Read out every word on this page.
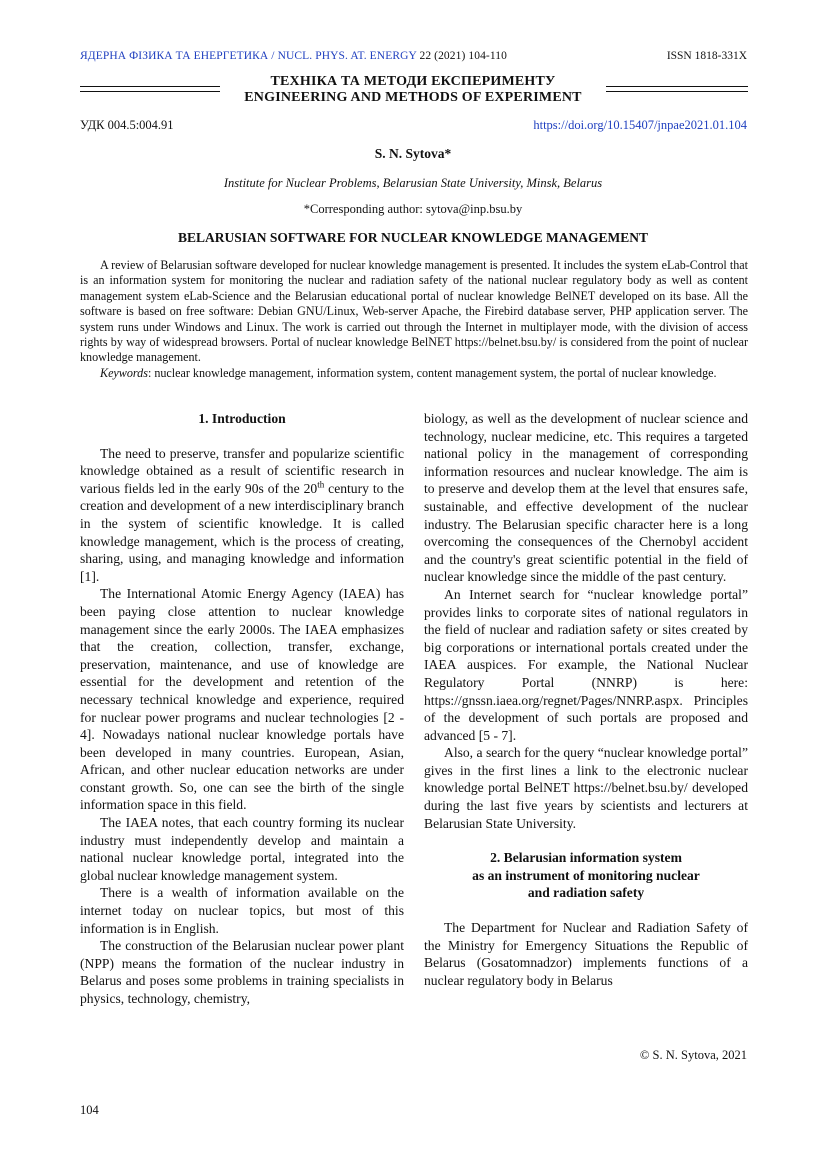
ЯДЕРНА ФІЗИКА ТА ЕНЕРГЕТИКА / NUCL. PHYS. AT. ENERGY 22 (2021) 104-110	ISSN 1818-331X
ТЕХНІКА ТА МЕТОДИ ЕКСПЕРИМЕНТУ
ENGINEERING AND METHODS OF EXPERIMENT
УДК 004.5:004.91	https://doi.org/10.15407/jnpae2021.01.104
S. N. Sytova*
Institute for Nuclear Problems, Belarusian State University, Minsk, Belarus
*Corresponding author: sytova@inp.bsu.by
BELARUSIAN SOFTWARE FOR NUCLEAR KNOWLEDGE MANAGEMENT

A review of Belarusian software developed for nuclear knowledge management is presented. It includes the system eLab-Control that is an information system for monitoring the nuclear and radiation safety of the national nuclear regulatory body as well as content management system eLab-Science and the Belarusian educational portal of nuclear knowledge BelNET developed on its base. All the software is based on free software: Debian GNU/Linux, Web-server Apache, the Firebird database server, PHP application server. The system runs under Windows and Linux. The work is carried out through the Internet in multiplayer mode, with the division of access rights by way of widespread browsers. Portal of nuclear knowledge BelNET https://belnet.bsu.by/ is considered from the point of nuclear knowledge management.

Keywords: nuclear knowledge management, information system, content management system, the portal of nuclear knowledge.

1. Introduction

The need to preserve, transfer and popularize scientific knowledge obtained as a result of scientific research in various fields led in the early 90s of the 20th century to the creation and development of a new interdisciplinary branch in the system of scientific knowledge. It is called knowledge management, which is the process of creating, sharing, using, and managing knowledge and information [1].

The International Atomic Energy Agency (IAEA) has been paying close attention to nuclear knowledge management since the early 2000s. The IAEA emphasizes that the creation, collection, transfer, exchange, preservation, maintenance, and use of knowledge are essential for the development and retention of the necessary technical knowledge and experience, required for nuclear power programs and nuclear technologies [2 - 4]. Nowadays national nuclear knowledge portals have been developed in many countries. European, Asian, African, and other nuclear education networks are under constant growth. So, one can see the birth of the single information space in this field.

The IAEA notes, that each country forming its nuclear industry must independently develop and maintain a national nuclear knowledge portal, integrated into the global nuclear knowledge management system.

There is a wealth of information available on the internet today on nuclear topics, but most of this information is in English.

The construction of the Belarusian nuclear power plant (NPP) means the formation of the nuclear industry in Belarus and poses some problems in training specialists in physics, technology, chemistry,

biology, as well as the development of nuclear science and technology, nuclear medicine, etc. This requires a targeted national policy in the management of corresponding information resources and nuclear knowledge. The aim is to preserve and develop them at the level that ensures safe, sustainable, and effective development of the nuclear industry. The Belarusian specific character here is a long overcoming the consequences of the Chernobyl accident and the country's great scientific potential in the field of nuclear knowledge since the middle of the past century.

An Internet search for “nuclear knowledge portal” provides links to corporate sites of national regulators in the field of nuclear and radiation safety or sites created by big corporations or international portals created under the IAEA auspices. For example, the National Nuclear Regulatory Portal (NNRP) is here: https://gnssn.iaea.org/regnet/Pages/NNRP.aspx. Principles of the development of such portals are proposed and advanced [5 - 7].

Also, a search for the query “nuclear knowledge portal” gives in the first lines a link to the electronic nuclear knowledge portal BelNET https://belnet.bsu.by/ developed during the last five years by scientists and lecturers at Belarusian State University.

2. Belarusian information system
as an instrument of monitoring nuclear
and radiation safety

The Department for Nuclear and Radiation Safety of the Ministry for Emergency Situations the Republic of Belarus (Gosatomnadzor) implements functions of a nuclear regulatory body in Belarus

© S. N. Sytova, 2021
104
